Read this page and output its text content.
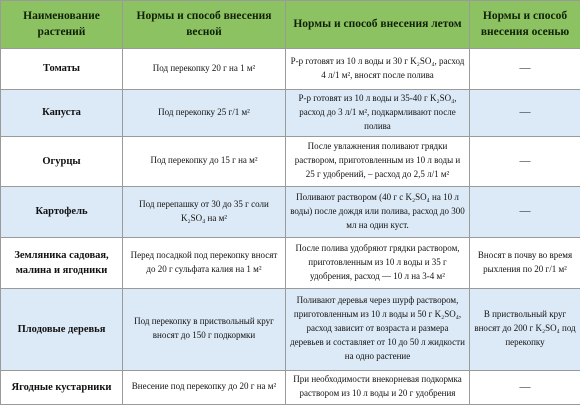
Наименование растений	Нормы и способ внесения весной	Нормы и способ внесения летом	Нормы и способ внесения осенью
Томаты	Под перекопку 20 г на 1 м²	Р-р готовят из 10 л воды и 30 г K₂SO₄, расход 4 л/1 м², вносят после полива	—
Капуста	Под перекопку 25 г/1 м²	Р-р готовят из 10 л воды и 35-40 г K₂SO₄, расход до 3 л/1 м², подкармливают после полива	—
Огурцы	Под перекопку до 15 г на м²	После увлажнения поливают грядки раствором, приготовленным из 10 л воды и 25 г удобрений, – расход до 2,5 л/1 м²	—
Картофель	Под перепашку от 30 до 35 г соли K₂SO₄ на м²	Поливают раствором (40 г с K₂SO₄ на 10 л воды) после дождя или полива, расход до 300 мл на один куст.	—
Земляника садовая, малина и ягодники	Перед посадкой под перекопку вносят до 20 г сульфата калия на 1 м²	После полива удобряют грядки раствором, приготовленным из 10 л воды и 35 г удобрения, расход — 10 л на 3-4 м²	Вносят в почву во время рыхления по 20 г/1 м²
Плодовые деревья	Под перекопку в приствольный круг вносят до 150 г подкормки	Поливают деревья через шурф раствором, приготовленным из 10 л воды и 50 г K₂SO₄, расход зависит от возраста и размера деревьев и составляет от 10 до 50 л жидкости на одно растение	В приствольный круг вносят до 200 г K₂SO₄ под перекопку
Ягодные кустарники	Внесение под перекопку до 20 г на м²	При необходимости внекорневая подкормка раствором из 10 л воды и 20 г удобрения	—
